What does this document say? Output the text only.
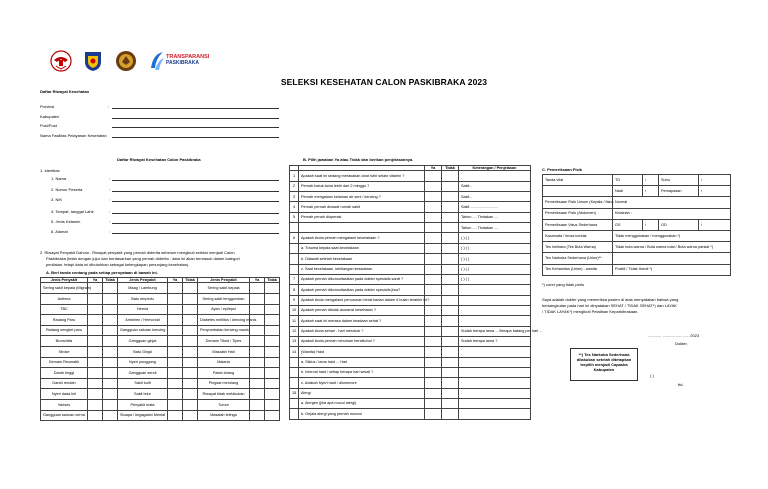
TRANSPARANSI
PASKIBRAKA
SELEKSI KESEHATAN CALON PASKIBRAKA 2023
Daftar Riwayat Kesehatan
Provinsi	:
Kabupaten
Pusi/Pust
Nama Fasilitas Pelayanan Kesehatan
Daftar Riwayat Kesehatan Calon Paskibraka
1. Identitas
1. Nama	:
2. Nomor Peserta	:
3. NIK	:
4. Tempat, tanggal Lahir	:
5. Jenis Kelamin	:
6. Alamat	:
2. Riwayat Penyakit Dahulu : Riwayat penyakit yang pernah diderita sebelum mengikuti seleksi menjadi Calon
Paskibraka (telah dengan jujur dan berdasarkan yang pernah diderita : data ini akan termasuk dalam kategori
penilaian, tetapi data ini dibutuhkan sebagai kelengkapan penunjang kesehatan).
A. Beri tanda centang pada setiap pernyataan di bawah ini.
Jenis Penyakit	Ya	Tidak	Jenis Penyakit	Ya	Tidak	Jenis Penyakit	Ya	Tidak
Sering sakit kepala (Migrain)			Maag / Lambung			Sering sakit kepala		
Asthma			Batu empedu			Sering sakit tenggorokan		
TBC			Hernia			Ayan / epilepsi		
Radang Paru			Ambeien / Hemoroid			Diabetes mellitus / kencing manis		
Radang sengkel paru			Gangguan saluran kencing			Penyumbatan kencing manis		
Bronchitis			Gangguan ginjal			Demam Tifoid / Tipes		
Stroke			Batu Ginjal			Masalah Hati		
Demam Reumatik			Nyeri punggung			Malaria		
Darah tinggi			Gangguan sendi			Patah tulang		
Darah rendah			Sakit kulit			Pingsan berulang		
Nyeri dada kiri			Sakit telur			Riwayat tidak melakukan		
Varises			Penyakit mata			Tumor		
Gangguan saluran cerna			Stuapa / kegagalan Mental			Masalah telinga		
B. Pilih jawaban Ya atau Tidak dan berikan penjelasannya.
		Ya	Tidak	Keterangan / Penjelasan
1	Apakah saat ini sedang merasakan obat rutin selain vitamin ?			
2	Pernah batuk lama lebih dari 2 minggu ?			Sakit...
3	Pernah mengalami kelainan air seni / kencing ?			Sakit...
4	Pernah pernah dirawat rumah sakit			Sakit ..........................
5	Pernah penah dioperasi			Tahun .... Tindakan ....
				Tahun .... Tindakan ....
6	Apakah Anda pernah mengalami kecelakaan ?			( ) ( )
	a. Trauma kepala saat kecelakaan			( ) ( )
	b. Dilawati setelah kecelakaan			( ) ( )
	c. Saat kecelakaan, kehilangan kesadaran			( ) ( )
7	Apakah pernah dikonsultasikan pada dokter spesialis saraf ?			( ) ( )
8	Apakah pernah dikonsultasikan pada dokter spesialis jiwa?			
9	Apakah Anda mengalami penurunan berat badan dalam 6 bulan terakhir ini?			
10	Apakah pernah ditolak asuransi kesehatan ?			
11	Apakah saat ini merasa dalam keadaan sehat ?			
12	Apakah Anda sehari - hari merokok ?			Sudah berapa lama ... Berapa batang per hari ...
13	Apakah Anda pernah minuman beralkohol ?			Sudah berapa lama ?
14	(Wanita) Haid			
	a. Siklus / lama haid ... Hari			
	b. Interval haid / setiap berapa hari sekali ?			
	c. Adakah Nyeri haid / dismenore			
15	Alergi			
	a. Alergen (jika apa mucul alergi)			
	b. Gejala alergi yang pernah muncul			
C. Pemeriksaan Fisik
Tanda vital	TD	/	Suhu	/
	Nadi	/	Pernapasan	/
Pemeriksaan Fisik Umum (Kepala / fisio)	Normal			
Pemeriksaan Fisik (Abdomen)	Kelainan :			
Pemeriksaan Visus Sederhana	OS	/	OD	/
Kacamata / lensa kontak	Tidak menggunakan / menggunakan *)			
Tes Ishihara (Tes Buta Warna)	Tidak buta warna / Buta warna total / Buta warna parsial *)			
Tes Narkoba Sederhana (Urine)**				
Tes Kehamilan (Urine) - wanita	Positif / Tidak Hamil *)			
*) coret yang tidak perlu
Saya adalah dokter yang memeriksa pasien di atas menyatakan bahwa yang
bersangkutan pada hari ini dinyatakan SEHAT / TIDAK SEHAT*) dan LAYAK
/ TIDAK LAYAK*) mengikuti Pelatihan Keparkibrakaan.
..........., ........................ 2023
Dokter,
**) Tes Narkoba Sederhana
dilakukan setelah ditetapkan
terpilih menjadi Capaska
Kabupaten
( )
ttd.
